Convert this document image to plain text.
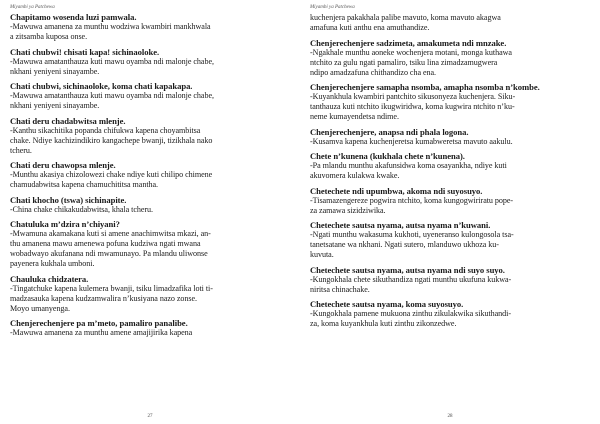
Miyambi ya Patchewa
Chapitamo wosenda luzi pamwala.
-Mawuwa amanena za munthu wodziwa kwambiri mankhwala
a zitsamba kuposa onse.
Chati chubwi! chisati kapa! sichinaoloke.
-Mawuwa amatanthauza kuti mawu oyamba ndi malonje chabe,
nkhani yeniyeni sinayambe.
Chati chubwi, sichinaoloke, koma chati kapakapa.
-Mawuwa amatanthauza kuti mawu oyamba ndi malonje chabe,
nkhani yeniyeni sinayambe.
Chati deru chadabwitsa mlenje.
-Kanthu sikachitika popanda chifukwa kapena choyambitsa
chake. Ndiye kachizindikiro kangachepe bwanji, tizikhala nako
tcheru.
Chati deru chawopsa mlenje.
-Munthu akasiya chizolowezi chake ndiye kuti chilipo chimene
chamudabwitsa kapena chamuchititsa mantha.
Chati khocho (tswa) sichinapite.
-China chake chikakudabwitsa, khala tcheru.
Chatuluka m’dzira n’chiyani?
-Mwamuna akamakana kuti si amene anachimwitsa mkazi, an-
thu amanena mawu amenewa pofuna kudziwa ngati mwana
wobadwayo akufanana ndi mwamunayo. Pa mlandu uliwonse
payenera kukhala umboni.
Chauluka chidzatera.
-Tingatchuke kapena kulemera bwanji, tsiku limadzafika loti ti-
madzasauka kapena kudzamwalira n’kusiyana nazo zonse.
Moyo umanyenga.
Chenjerechenjere pa m’meto, pamaliro panalibe.
-Mawuwa amanena za munthu amene amajijirika kapena
27
Miyambi ya Patchewa
kuchenjera pakakhala palibe mavuto, koma mavuto akagwa
amafuna kuti anthu ena amuthandize.
Chenjerechenjere sadzimeta, amakumeta ndi mnzake.
-Ngakhale munthu aoneke wochenjera motani, monga kuthawa
ntchito za gulu ngati pamaliro, tsiku lina zimadzamugwera
ndipo amadzafuna chithandizo cha ena.
Chenjerechenjere samapha nsomba, amapha nsomba n’kombe.
-Kuyankhula kwambiri pantchito sikusonyeza kuchenjera. Siku-
tanthauza kuti ntchito ikugwiridwa, koma kugwira ntchito n’ku-
neme kumayendetsa ndime.
Chenjerechenjere, anapsa ndi phala logona.
-Kusamva kapena kuchenjeretsa kumabweretsa mavuto aakulu.
Chete n’kunena (kukhala chete n’kunena).
-Pa mlandu munthu akafunsidwa koma osayankha, ndiye kuti
akuvomera kulakwa kwake.
Chetechete ndi upumbwa, akoma ndi suyosuyo.
-Tisamazengereze pogwira ntchito, koma kungogwiriratu pope-
za zamawa sizidziwika.
Chetechete sautsa nyama, autsa nyama n’kuwani.
-Ngati munthu wakasuma kukhoti, uyeneranso kulongosola tsa-
tanetsatane wa nkhani. Ngati sutero, mlanduwo ukhoza ku-
kuvuta.
Chetechete sautsa nyama, autsa nyama ndi suyo suyo.
-Kungokhala chete sikuthandiza ngati munthu ukufuna kukwa-
niritsa chinachake.
Chetechete sautsa nyama, koma suyosuyo.
-Kungokhala pamene mukuona zinthu zikulakwika sikuthandi-
za, koma kuyankhula kuti zinthu zikonzedwe.
28
